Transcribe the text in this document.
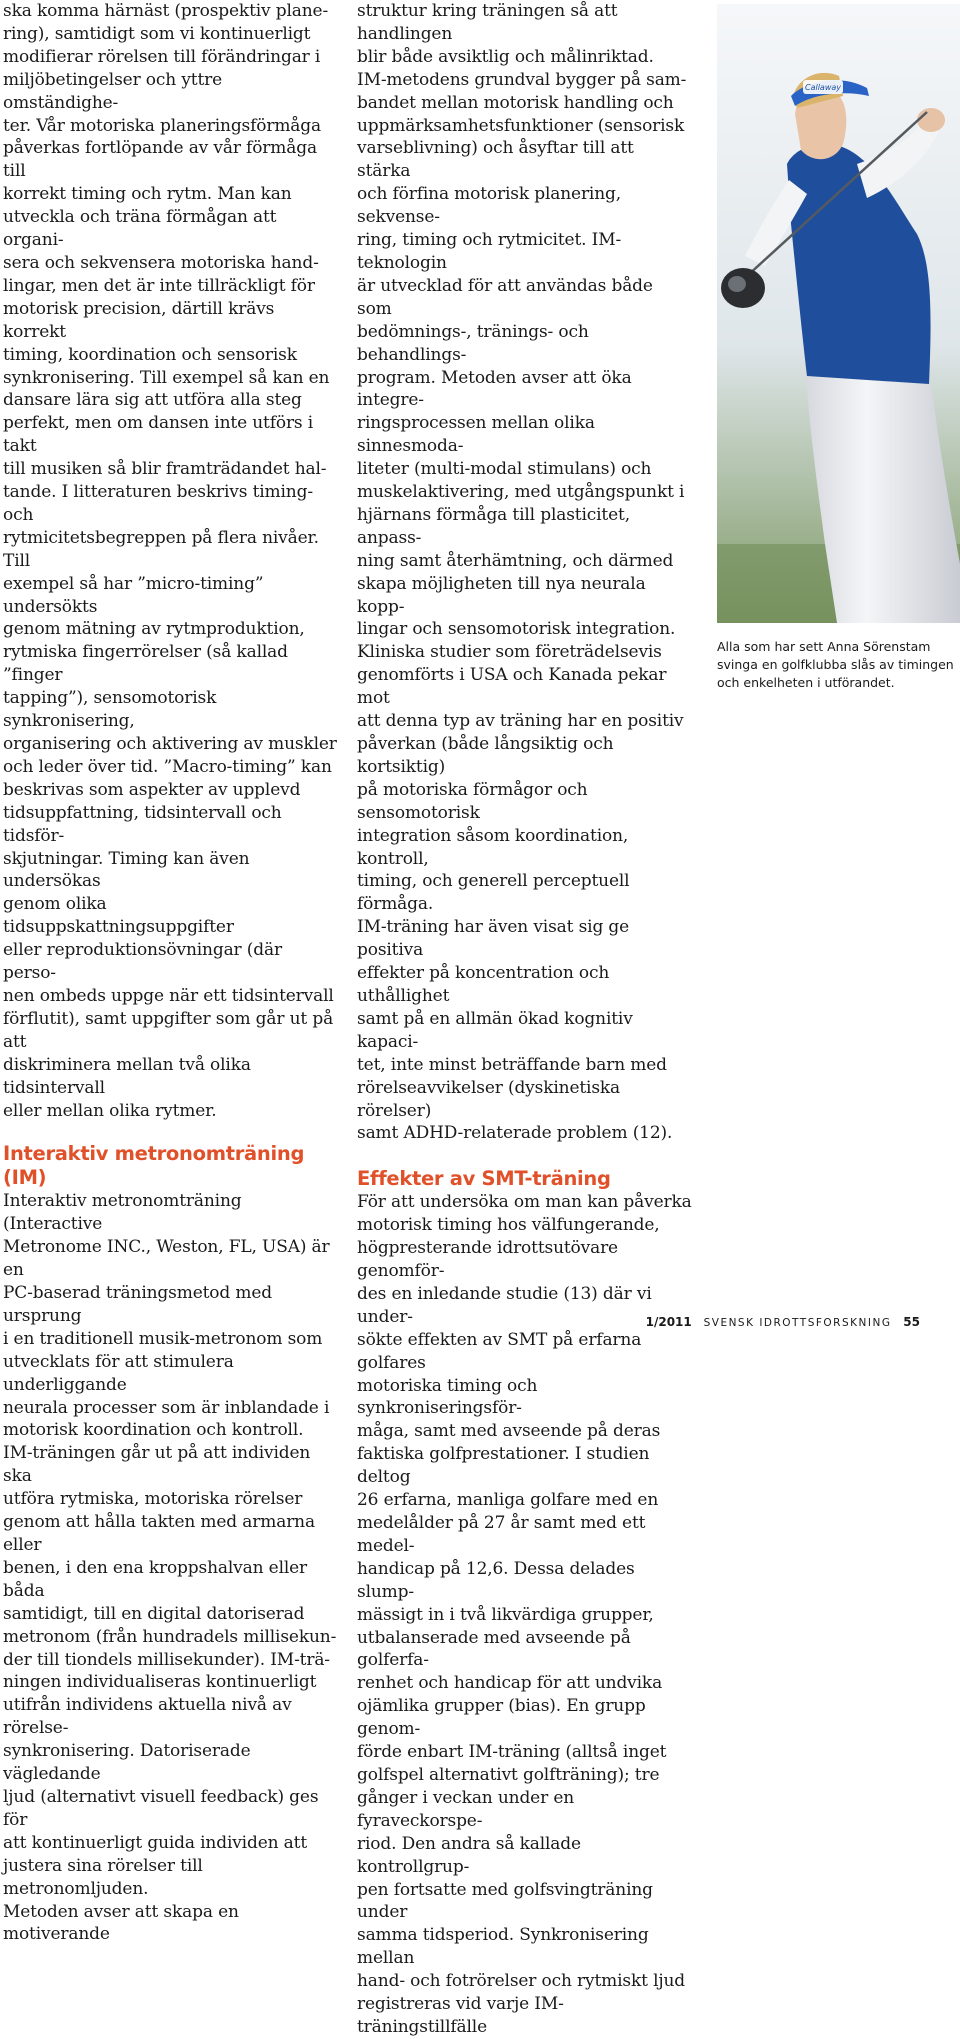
ska komma härnäst (prospektiv plane-
ring), samtidigt som vi kontinuerligt
modifierar rörelsen till förändringar i
miljöbetingelser och yttre omständighe-
ter. Vår motoriska planeringsförmåga
påverkas fortlöpande av vår förmåga till
korrekt timing och rytm. Man kan
utveckla och träna förmågan att organi-
sera och sekvensera motoriska hand-
lingar, men det är inte tillräckligt för
motorisk precision, därtill krävs korrekt
timing, koordination och sensorisk
synkronisering. Till exempel så kan en
dansare lära sig att utföra alla steg
perfekt, men om dansen inte utförs i takt
till musiken så blir framträdandet hal-
tande. I litteraturen beskrivs timing- och
rytmicitetsbegreppen på flera nivåer. Till
exempel så har ”micro-timing” undersökts
genom mätning av rytmproduktion,
rytmiska fingerrörelser (så kallad ”finger
tapping”), sensomotorisk synkronisering,
organisering och aktivering av muskler
och leder över tid. ”Macro-timing” kan
beskrivas som aspekter av upplevd
tidsuppfattning, tidsintervall och tidsför-
skjutningar. Timing kan även undersökas
genom olika tidsuppskattningsuppgifter
eller reproduktionsövningar (där perso-
nen ombeds uppge när ett tidsintervall
förflutit), samt uppgifter som går ut på att
diskriminera mellan två olika tidsintervall
eller mellan olika rytmer.

Interaktiv metronomträning (IM)

Interaktiv metronomträning (Interactive
Metronome INC., Weston, FL, USA) är en
PC-baserad träningsmetod med ursprung
i en traditionell musik-metronom som
utvecklats för att stimulera underliggande
neurala processer som är inblandade i
motorisk koordination och kontroll.
IM-träningen går ut på att individen ska
utföra rytmiska, motoriska rörelser
genom att hålla takten med armarna eller
benen, i den ena kroppshalvan eller båda
samtidigt, till en digital datoriserad
metronom (från hundradels millisekun-
der till tiondels millisekunder). IM-trä-
ningen individualiseras kontinuerligt
utifrån individens aktuella nivå av rörelse-
synkronisering. Datoriserade vägledande
ljud (alternativt visuell feedback) ges för
att kontinuerligt guida individen att
justera sina rörelser till metronomljuden.
Metoden avser att skapa en motiverande

struktur kring träningen så att handlingen
blir både avsiktlig och målinriktad.
IM-metodens grundval bygger på sam-
bandet mellan motorisk handling och
uppmärksamhetsfunktioner (sensorisk
varseblivning) och åsyftar till att stärka
och förfina motorisk planering, sekvense-
ring, timing och rytmicitet. IM-teknologin
är utvecklad för att användas både som
bedömnings-, tränings- och behandlings-
program. Metoden avser att öka integre-
ringsprocessen mellan olika sinnesmoda-
liteter (multi-modal stimulans) och
muskelaktivering, med utgångspunkt i
hjärnans förmåga till plasticitet, anpass-
ning samt återhämtning, och därmed
skapa möjligheten till nya neurala kopp-
lingar och sensomotorisk integration.
Kliniska studier som företrädelsevis
genomförts i USA och Kanada pekar mot
att denna typ av träning har en positiv
påverkan (både långsiktig och kortsiktig)
på motoriska förmågor och sensomotorisk
integration såsom koordination, kontroll,
timing, och generell perceptuell förmåga.
IM-träning har även visat sig ge positiva
effekter på koncentration och uthållighet
samt på en allmän ökad kognitiv kapaci-
tet, inte minst beträffande barn med
rörelseavvikelser (dyskinetiska rörelser)
samt ADHD-relaterade problem (12).

Effekter av SMT-träning

För att undersöka om man kan påverka
motorisk timing hos välfungerande,
högpresterande idrottsutövare genomför-
des en inledande studie (13) där vi under-
sökte effekten av SMT på erfarna golfares
motoriska timing och synkroniseringsför-
måga, samt med avseende på deras
faktiska golfprestationer. I studien deltog
26 erfarna, manliga golfare med en
medelålder på 27 år samt med ett medel-
handicap på 12,6. Dessa delades slump-
mässigt in i två likvärdiga grupper,
utbalanserade med avseende på golferfa-
renhet och handicap för att undvika
ojämlika grupper (bias). En grupp genom-
förde enbart IM-träning (alltså inget
golfspel alternativt golfträning); tre
gånger i veckan under en fyraveckorspe-
riod. Den andra så kallade kontrollgrup-
pen fortsatte med golfsvingträning under
samma tidsperiod. Synkronisering mellan
hand- och fotrörelser och rytmiskt ljud
registreras vid varje IM-träningstillfälle

Callaway
Alla som har sett Anna Sörenstam
svinga en golfklubba slås av timingen
och enkelheten i utförandet.
1/2011 SVENSK IDROTTSFORSKNING 55
